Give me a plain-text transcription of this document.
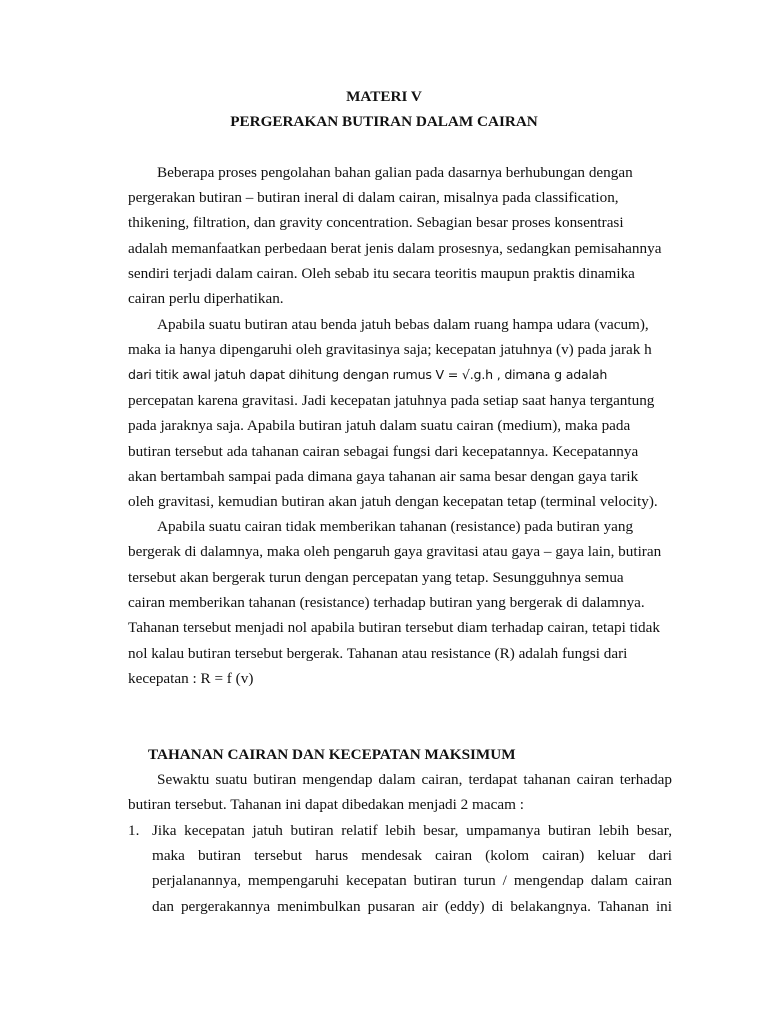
MATERI V
PERGERAKAN BUTIRAN DALAM CAIRAN
Beberapa proses pengolahan bahan galian pada dasarnya berhubungan dengan
pergerakan butiran – butiran ineral di dalam cairan, misalnya pada classification,
thikening, filtration, dan gravity concentration. Sebagian besar proses konsentrasi
adalah memanfaatkan perbedaan berat jenis dalam prosesnya, sedangkan pemisahannya
sendiri terjadi dalam cairan. Oleh sebab itu secara teoritis maupun praktis dinamika
cairan perlu diperhatikan.
Apabila suatu butiran atau benda jatuh bebas dalam ruang hampa udara (vacum),
maka ia hanya dipengaruhi oleh gravitasinya saja; kecepatan jatuhnya (v) pada jarak h
dari titik awal jatuh dapat dihitung dengan rumus V = √.g.h , dimana g adalah
percepatan karena gravitasi. Jadi kecepatan jatuhnya pada setiap saat hanya tergantung
pada jaraknya saja. Apabila butiran jatuh dalam suatu cairan (medium), maka pada
butiran tersebut ada tahanan cairan sebagai fungsi dari kecepatannya. Kecepatannya
akan bertambah sampai pada dimana gaya tahanan air sama besar dengan gaya tarik
oleh gravitasi, kemudian butiran akan jatuh dengan kecepatan tetap (terminal velocity).
Apabila suatu cairan tidak memberikan tahanan (resistance) pada butiran yang
bergerak di dalamnya, maka oleh pengaruh gaya gravitasi atau gaya – gaya lain, butiran
tersebut akan bergerak turun dengan percepatan yang tetap. Sesungguhnya semua
cairan memberikan tahanan (resistance) terhadap butiran yang bergerak di dalamnya.
Tahanan tersebut menjadi nol apabila butiran tersebut diam terhadap cairan, tetapi tidak
nol kalau butiran tersebut bergerak. Tahanan atau resistance (R) adalah fungsi dari
kecepatan : R = f (v)
TAHANAN CAIRAN DAN KECEPATAN MAKSIMUM
Sewaktu suatu butiran mengendap dalam cairan, terdapat tahanan cairan terhadap
butiran tersebut. Tahanan ini dapat dibedakan menjadi 2 macam :
1. Jika kecepatan jatuh butiran relatif lebih besar, umpamanya butiran lebih besar,
maka butiran tersebut harus mendesak cairan (kolom cairan) keluar dari
perjalanannya, mempengaruhi kecepatan butiran turun / mengendap dalam cairan
dan pergerakannya menimbulkan pusaran air (eddy) di belakangnya. Tahanan ini
